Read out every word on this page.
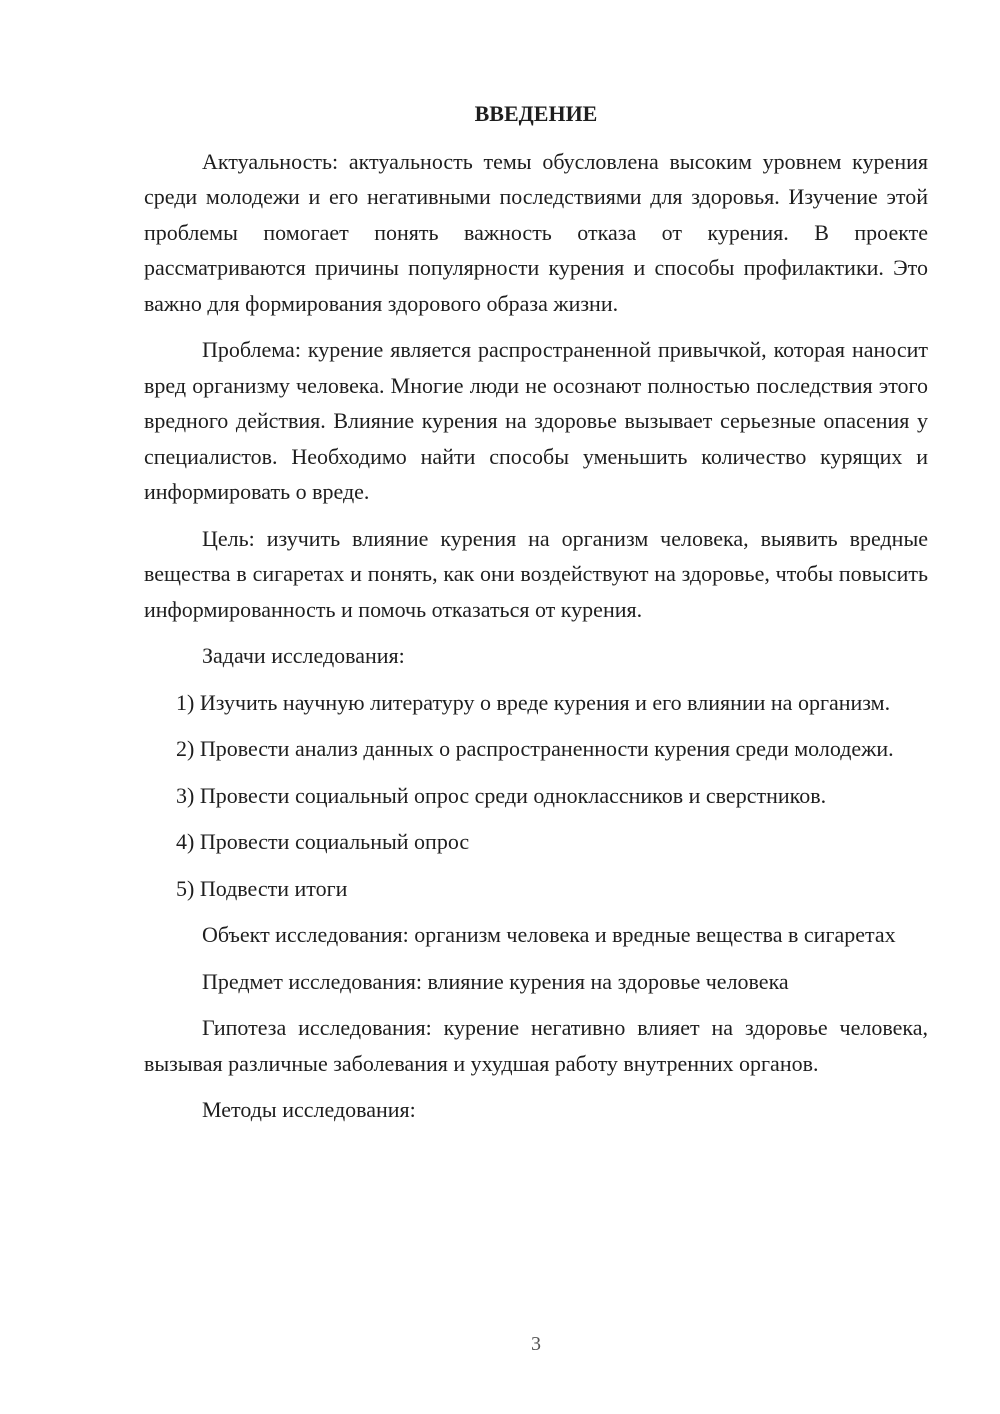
ВВЕДЕНИЕ

Актуальность: актуальность темы обусловлена высоким уровнем курения среди молодежи и его негативными последствиями для здоровья. Изучение этой проблемы помогает понять важность отказа от курения. В проекте рассматриваются причины популярности курения и способы профилактики. Это важно для формирования здорового образа жизни.

Проблема: курение является распространенной привычкой, которая наносит вред организму человека. Многие люди не осознают полностью последствия этого вредного действия. Влияние курения на здоровье вызывает серьезные опасения у специалистов. Необходимо найти способы уменьшить количество курящих и информировать о вреде.

Цель: изучить влияние курения на организм человека, выявить вредные вещества в сигаретах и понять, как они воздействуют на здоровье, чтобы повысить информированность и помочь отказаться от курения.

Задачи исследования:

1) Изучить научную литературу о вреде курения и его влиянии на организм.

2) Провести анализ данных о распространенности курения среди молодежи.

3) Провести социальный опрос среди одноклассников и сверстников.

4) Провести социальный опрос

5) Подвести итоги

Объект исследования: организм человека и вредные вещества в сигаретах

Предмет исследования: влияние курения на здоровье человека

Гипотеза исследования: курение негативно влияет на здоровье человека, вызывая различные заболевания и ухудшая работу внутренних органов.

Методы исследования:

3
